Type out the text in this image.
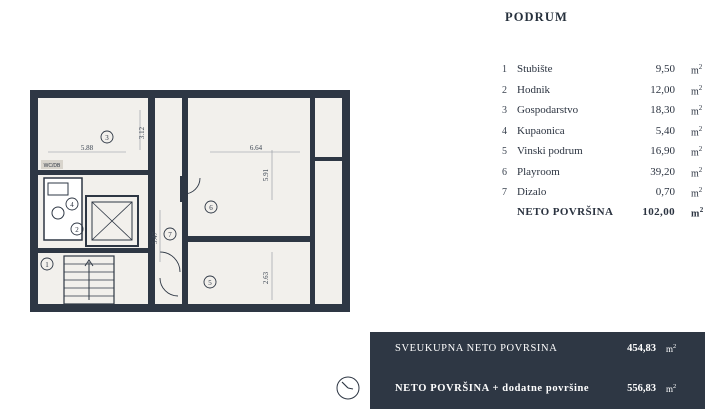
5.88
3.12
6.64
5.91
5.47
2.63
WC/DB
3
4
1
7
6
5
2
PODRUM
1 Stubište	9,50 $m^2$
2 Hodnik	12,00 $m^2$
3 Gospodarstvo	18,30 $m^2$
4 Kupaonica	5,40 $m^2$
5 Vinski podrum	16,90 $m^2$
6 Playroom	39,20 $m^2$
7 Dizalo	0,70 $m^2$
NETO POVRŠINA	102,00 $m^2$
SVEUKUPNA NETO POVRSINA	454,83 $m^2$
NETO POVRŠINA + dodatne površine	556,83 $m^2$
